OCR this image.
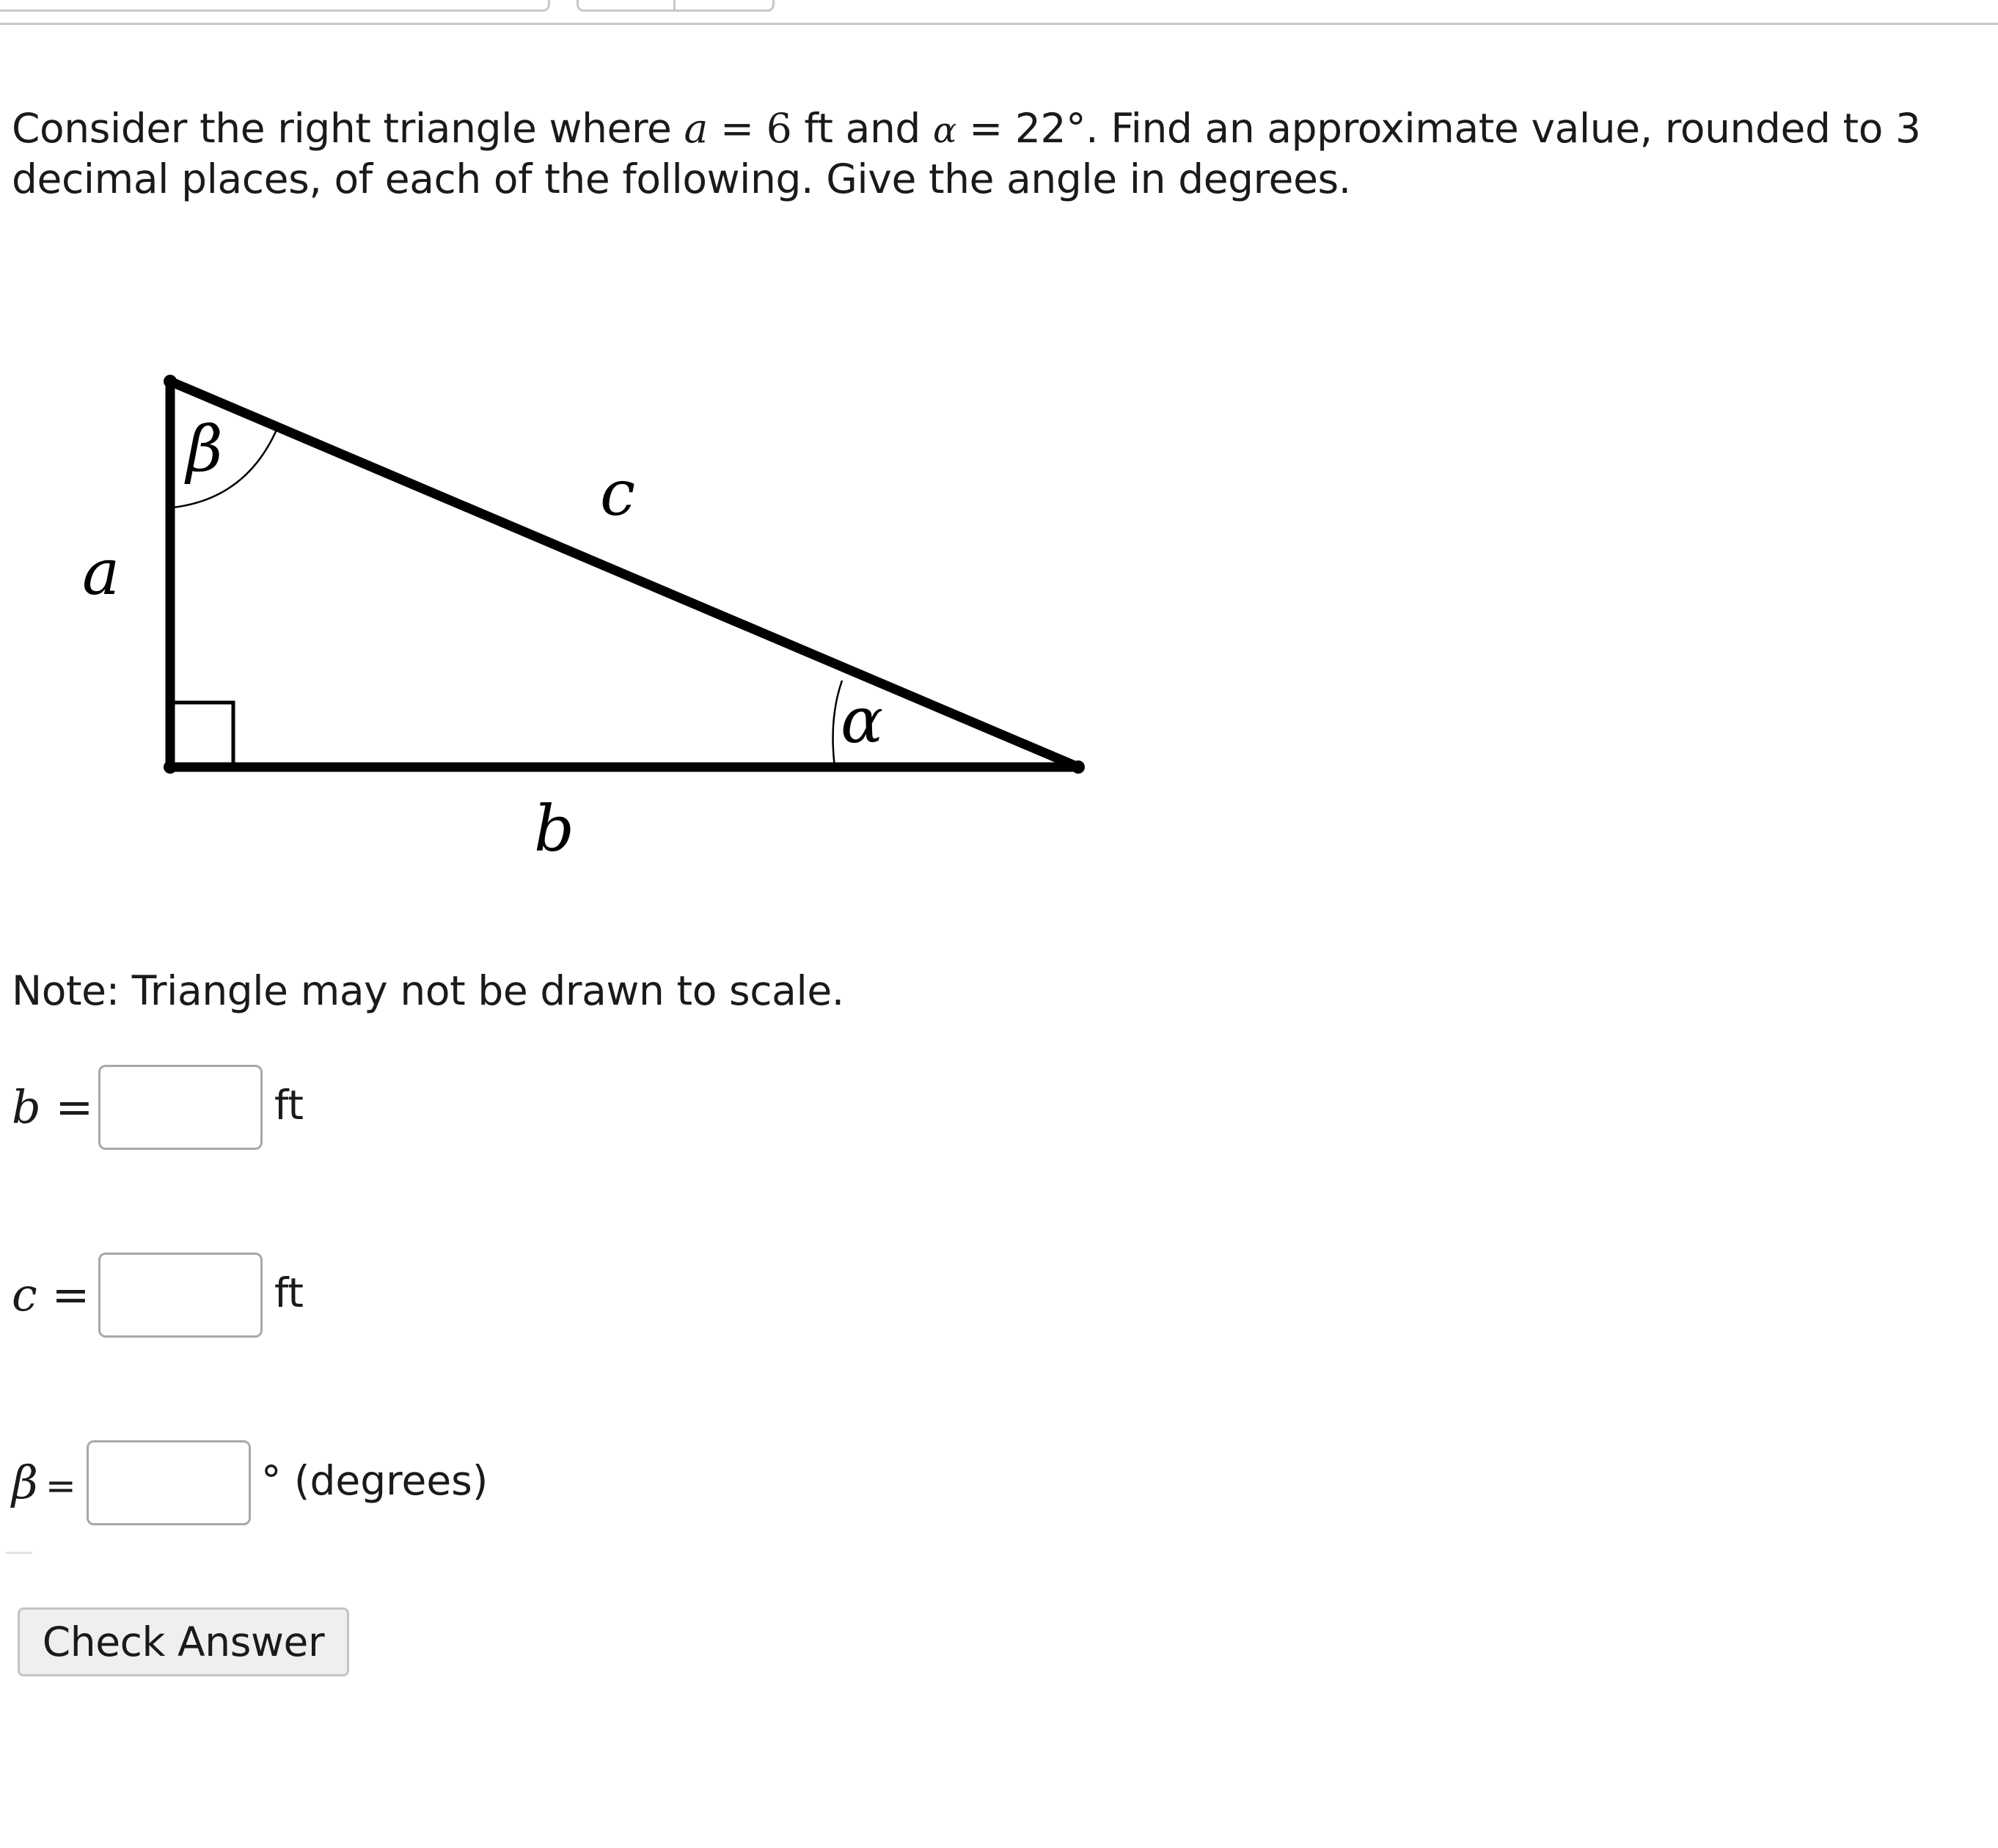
Consider the right triangle where a = 6 ft and α = 22°. Find an approximate value, rounded to 3 decimal places, of each of the following. Give the angle in degrees.
β
c
a
α
b
Note: Triangle may not be drawn to scale.
b =	ft
c =	ft
β =	° (degrees)
Check Answer
